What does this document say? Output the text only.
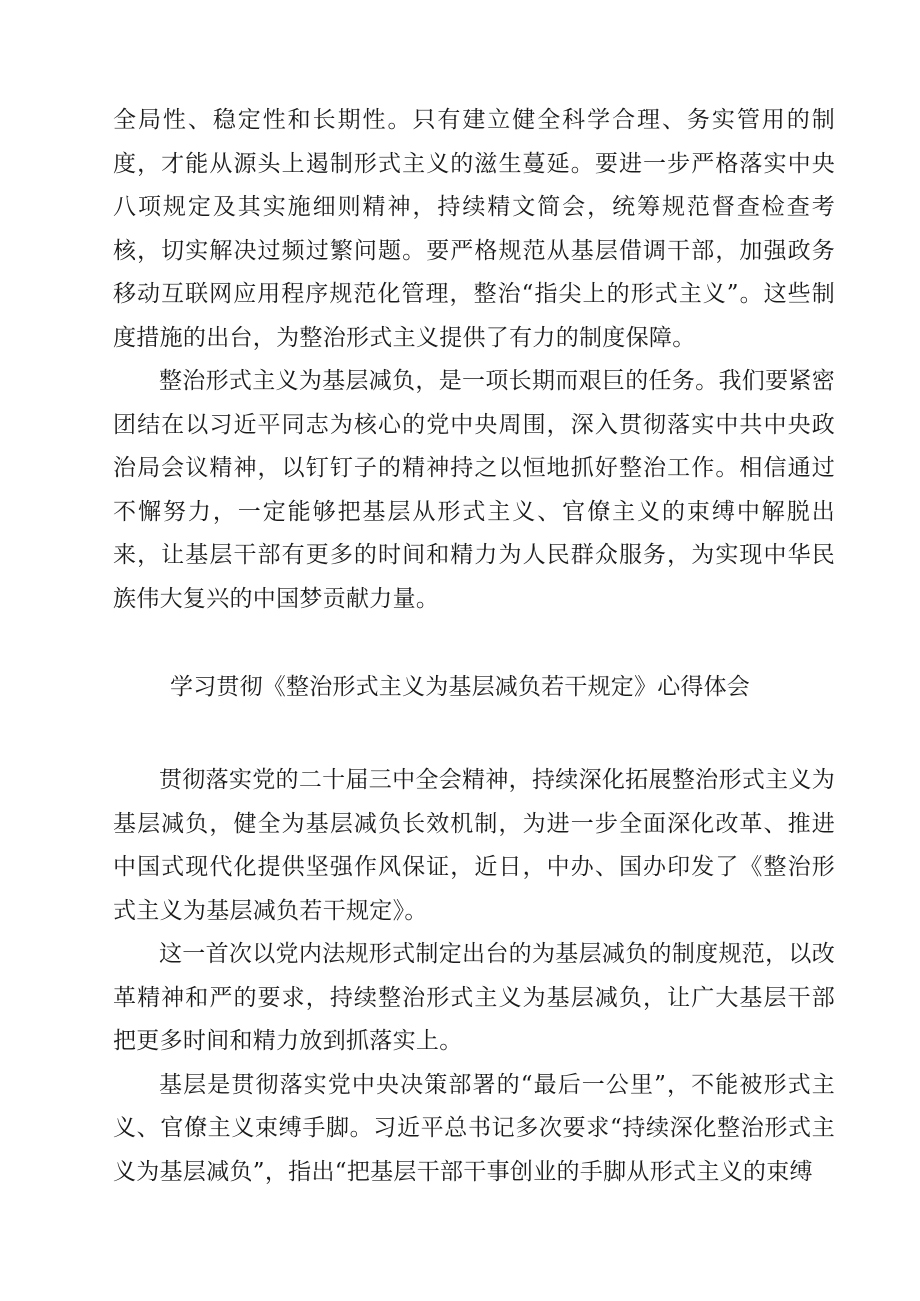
全局性、稳定性和长期性。只有建立健全科学合理、务实管用的制度，才能从源头上遏制形式主义的滋生蔓延。要进一步严格落实中央八项规定及其实施细则精神，持续精文简会，统筹规范督查检查考核，切实解决过频过繁问题。要严格规范从基层借调干部，加强政务移动互联网应用程序规范化管理，整治“指尖上的形式主义”。这些制度措施的出台，为整治形式主义提供了有力的制度保障。

整治形式主义为基层减负，是一项长期而艰巨的任务。我们要紧密团结在以习近平同志为核心的党中央周围，深入贯彻落实中共中央政治局会议精神，以钉钉子的精神持之以恒地抓好整治工作。相信通过不懈努力，一定能够把基层从形式主义、官僚主义的束缚中解脱出来，让基层干部有更多的时间和精力为人民群众服务，为实现中华民族伟大复兴的中国梦贡献力量。

学习贯彻《整治形式主义为基层减负若干规定》心得体会

贯彻落实党的二十届三中全会精神，持续深化拓展整治形式主义为基层减负，健全为基层减负长效机制，为进一步全面深化改革、推进中国式现代化提供坚强作风保证，近日，中办、国办印发了《整治形式主义为基层减负若干规定》。

这一首次以党内法规形式制定出台的为基层减负的制度规范，以改革精神和严的要求，持续整治形式主义为基层减负，让广大基层干部把更多时间和精力放到抓落实上。

基层是贯彻落实党中央决策部署的“最后一公里”，不能被形式主义、官僚主义束缚手脚。习近平总书记多次要求“持续深化整治形式主义为基层减负”，指出“把基层干部干事创业的手脚从形式主义的束缚
